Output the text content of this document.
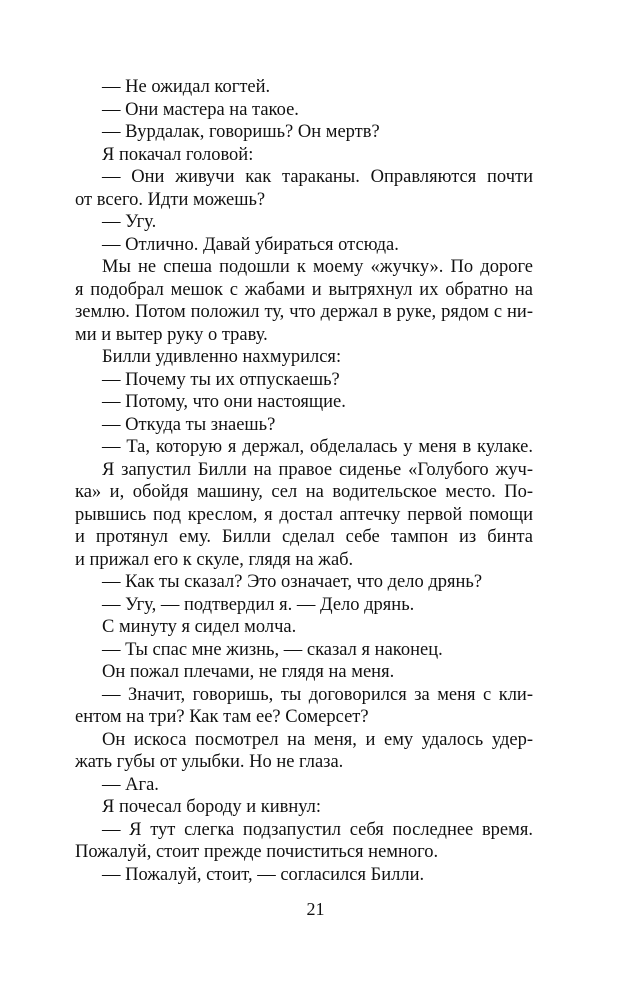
— Не ожидал когтей.
— Они мастера на такое.
— Вурдалак, говоришь? Он мертв?
Я покачал головой:
— Они живучи как тараканы. Оправляются почти
от всего. Идти можешь?
— Угу.
— Отлично. Давай убираться отсюда.
Мы не спеша подошли к моему «жучку». По дороге
я подобрал мешок с жабами и вытряхнул их обратно на
землю. Потом положил ту, что держал в руке, рядом с ни-
ми и вытер руку о траву.
Билли удивленно нахмурился:
— Почему ты их отпускаешь?
— Потому, что они настоящие.
— Откуда ты знаешь?
— Та, которую я держал, обделалась у меня в кулаке.
Я запустил Билли на правое сиденье «Голубого жуч-
ка» и, обойдя машину, сел на водительское место. По-
рывшись под креслом, я достал аптечку первой помощи
и протянул ему. Билли сделал себе тампон из бинта
и прижал его к скуле, глядя на жаб.
— Как ты сказал? Это означает, что дело дрянь?
— Угу, — подтвердил я. — Дело дрянь.
С минуту я сидел молча.
— Ты спас мне жизнь, — сказал я наконец.
Он пожал плечами, не глядя на меня.
— Значит, говоришь, ты договорился за меня с кли-
ентом на три? Как там ее? Сомерсет?
Он искоса посмотрел на меня, и ему удалось удер-
жать губы от улыбки. Но не глаза.
— Ага.
Я почесал бороду и кивнул:
— Я тут слегка подзапустил себя последнее время.
Пожалуй, стоит прежде почиститься немного.
— Пожалуй, стоит, — согласился Билли.
21
